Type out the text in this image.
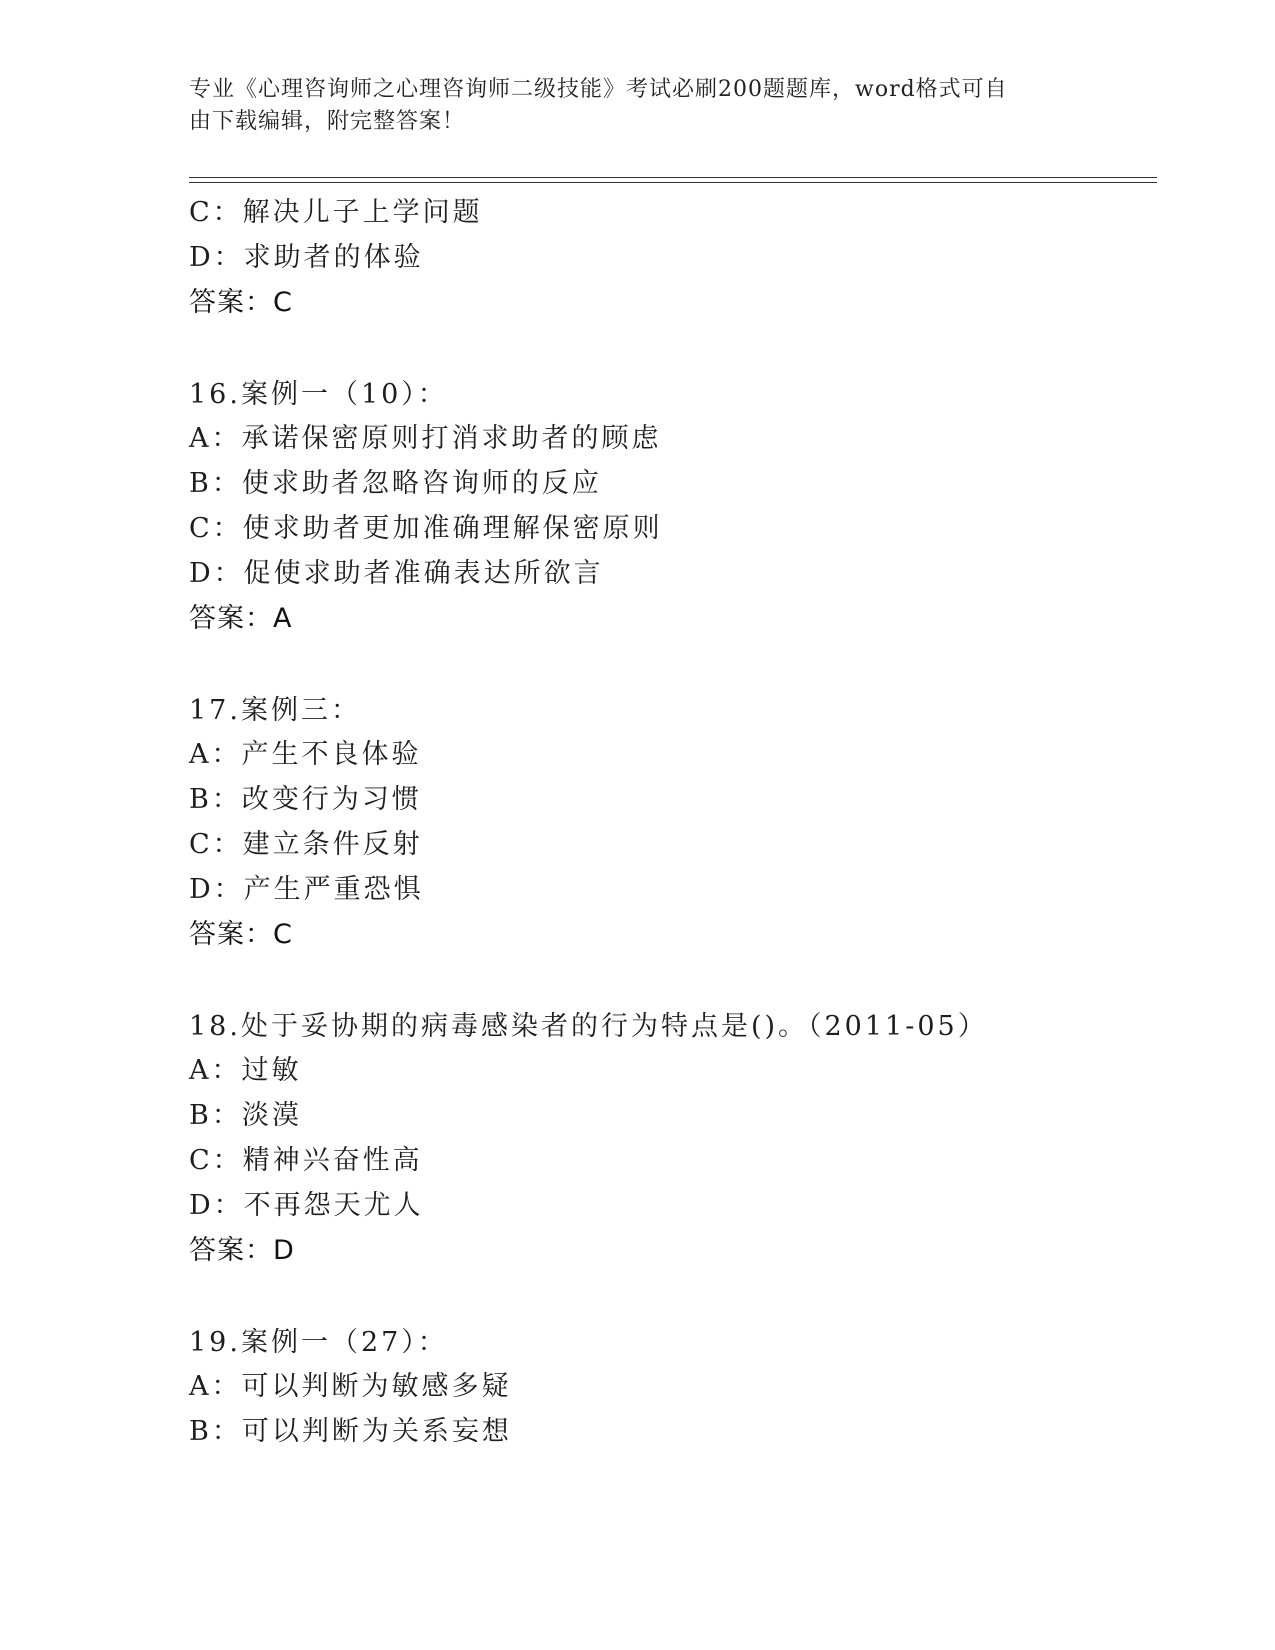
专业《心理咨询师之心理咨询师二级技能》考试必刷200题题库，word格式可自
由下载编辑，附完整答案！
C：解决儿子上学问题
D：求助者的体验
答案：C
16.案例一（10）：
A：承诺保密原则打消求助者的顾虑
B：使求助者忽略咨询师的反应
C：使求助者更加准确理解保密原则
D：促使求助者准确表达所欲言
答案：A
17.案例三：
A：产生不良体验
B：改变行为习惯
C：建立条件反射
D：产生严重恐惧
答案：C
18.处于妥协期的病毒感染者的行为特点是()。（2011-05）
A：过敏
B：淡漠
C：精神兴奋性高
D：不再怨天尤人
答案：D
19.案例一（27）：
A：可以判断为敏感多疑
B：可以判断为关系妄想
